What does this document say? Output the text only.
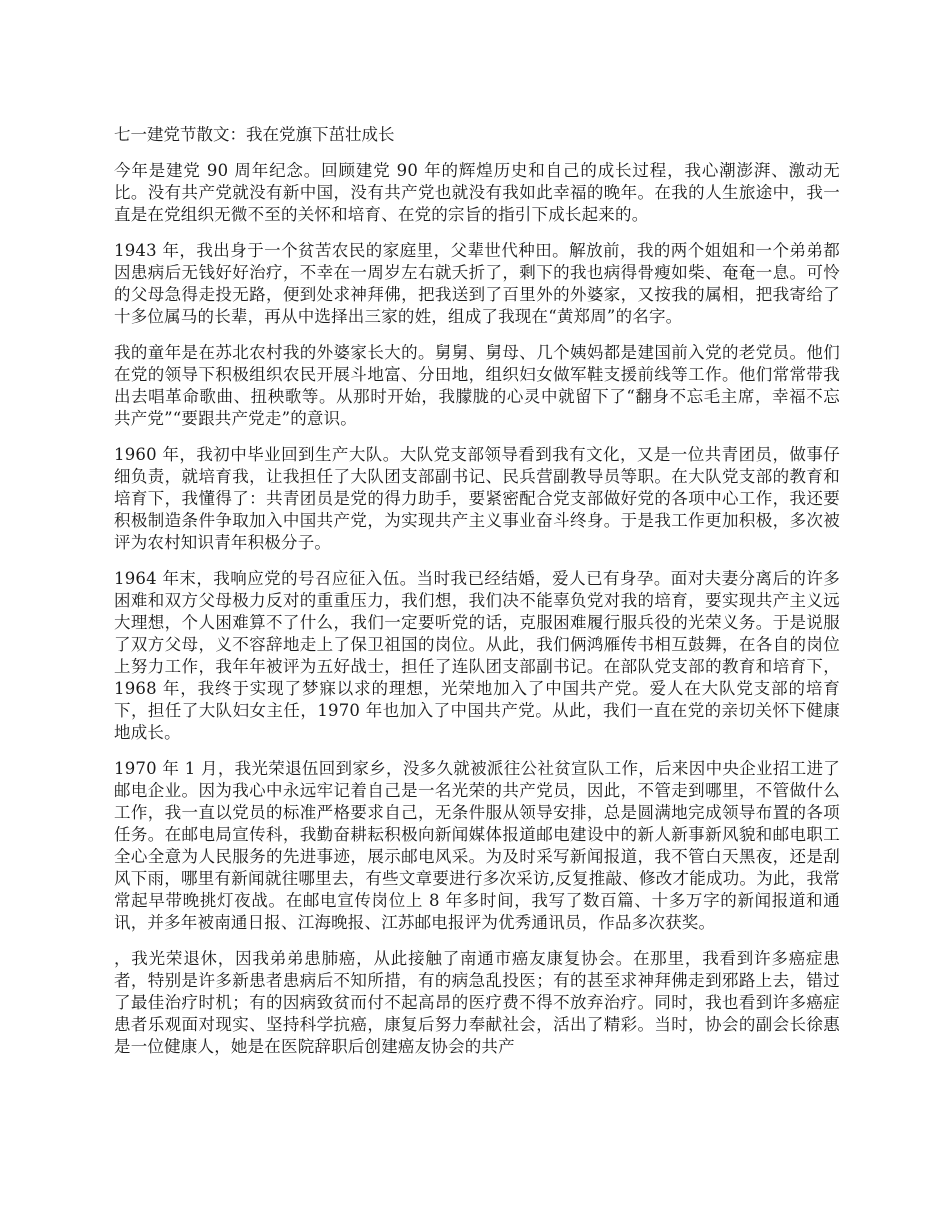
七一建党节散文：我在党旗下茁壮成长

今年是建党 90 周年纪念。回顾建党 90 年的辉煌历史和自己的成长过程，我心潮澎湃、激动无比。没有共产党就没有新中国，没有共产党也就没有我如此幸福的晚年。在我的人生旅途中，我一直是在党组织无微不至的关怀和培育、在党的宗旨的指引下成长起来的。

1943 年，我出身于一个贫苦农民的家庭里，父辈世代种田。解放前，我的两个姐姐和一个弟弟都因患病后无钱好好治疗，不幸在一周岁左右就夭折了，剩下的我也病得骨瘦如柴、奄奄一息。可怜的父母急得走投无路，便到处求神拜佛，把我送到了百里外的外婆家，又按我的属相，把我寄给了十多位属马的长辈，再从中选择出三家的姓，组成了我现在“黄郑周”的名字。

我的童年是在苏北农村我的外婆家长大的。舅舅、舅母、几个姨妈都是建国前入党的老党员。他们在党的领导下积极组织农民开展斗地富、分田地，组织妇女做军鞋支援前线等工作。他们常常带我出去唱革命歌曲、扭秧歌等。从那时开始，我朦胧的心灵中就留下了“翻身不忘毛主席，幸福不忘共产党”“要跟共产党走”的意识。

1960 年，我初中毕业回到生产大队。大队党支部领导看到我有文化，又是一位共青团员，做事仔细负责，就培育我，让我担任了大队团支部副书记、民兵营副教导员等职。在大队党支部的教育和培育下，我懂得了：共青团员是党的得力助手，要紧密配合党支部做好党的各项中心工作，我还要积极制造条件争取加入中国共产党，为实现共产主义事业奋斗终身。于是我工作更加积极，多次被评为农村知识青年积极分子。

1964 年末，我响应党的号召应征入伍。当时我已经结婚，爱人已有身孕。面对夫妻分离后的许多困难和双方父母极力反对的重重压力，我们想，我们决不能辜负党对我的培育，要实现共产主义远大理想，个人困难算不了什么，我们一定要听党的话，克服困难履行服兵役的光荣义务。于是说服了双方父母，义不容辞地走上了保卫祖国的岗位。从此，我们俩鸿雁传书相互鼓舞，在各自的岗位上努力工作，我年年被评为五好战士，担任了连队团支部副书记。在部队党支部的教育和培育下，1968 年，我终于实现了梦寐以求的理想，光荣地加入了中国共产党。爱人在大队党支部的培育下，担任了大队妇女主任，1970 年也加入了中国共产党。从此，我们一直在党的亲切关怀下健康地成长。

1970 年 1 月，我光荣退伍回到家乡，没多久就被派往公社贫宣队工作，后来因中央企业招工进了邮电企业。因为我心中永远牢记着自己是一名光荣的共产党员，因此，不管走到哪里，不管做什么工作，我一直以党员的标准严格要求自己，无条件服从领导安排，总是圆满地完成领导布置的各项任务。在邮电局宣传科，我勤奋耕耘积极向新闻媒体报道邮电建设中的新人新事新风貌和邮电职工全心全意为人民服务的先进事迹，展示邮电风采。为及时采写新闻报道，我不管白天黑夜，还是刮风下雨，哪里有新闻就往哪里去，有些文章要进行多次采访,反复推敲、修改才能成功。为此，我常常起早带晚挑灯夜战。在邮电宣传岗位上 8 年多时间，我写了数百篇、十多万字的新闻报道和通讯，并多年被南通日报、江海晚报、江苏邮电报评为优秀通讯员，作品多次获奖。

，我光荣退休，因我弟弟患肺癌，从此接触了南通市癌友康复协会。在那里，我看到许多癌症患者，特别是许多新患者患病后不知所措，有的病急乱投医；有的甚至求神拜佛走到邪路上去，错过了最佳治疗时机；有的因病致贫而付不起高昂的医疗费不得不放弃治疗。同时，我也看到许多癌症患者乐观面对现实、坚持科学抗癌，康复后努力奉献社会，活出了精彩。当时，协会的副会长徐惠是一位健康人，她是在医院辞职后创建癌友协会的共产
